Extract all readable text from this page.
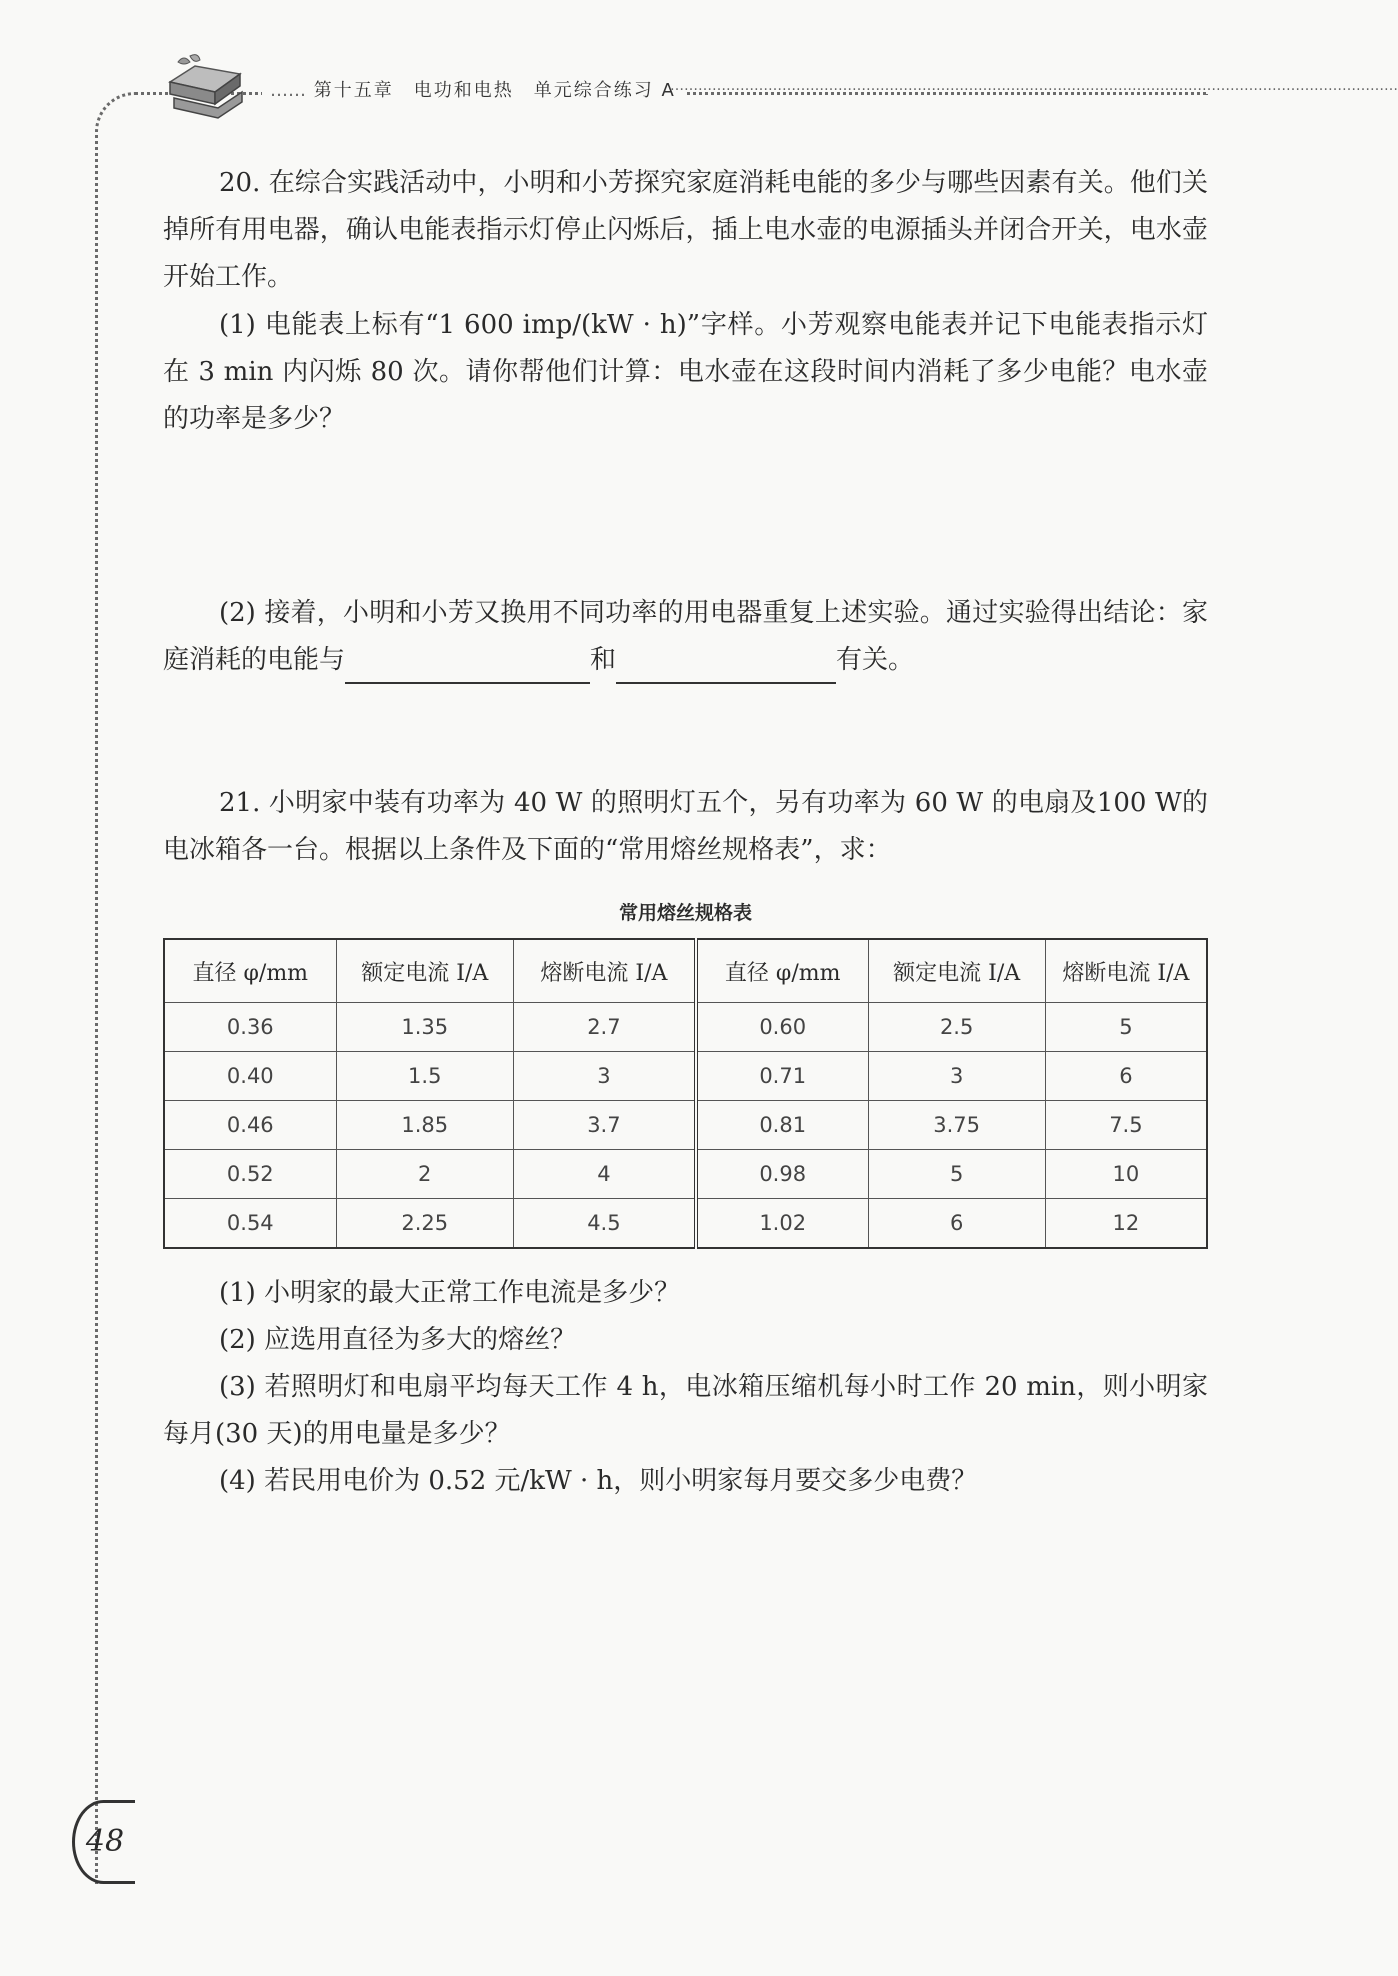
…… 第十五章　电功和电热　单元综合练习 A
…………………………………………………………………………………………………………………………………………

20. 在综合实践活动中，小明和小芳探究家庭消耗电能的多少与哪些因素有关。他们关掉所有用电器，确认电能表指示灯停止闪烁后，插上电水壶的电源插头并闭合开关，电水壶开始工作。

(1) 电能表上标有“1 600 imp/(kW · h)”字样。小芳观察电能表并记下电能表指示灯在 3 min 内闪烁 80 次。请你帮他们计算：电水壶在这段时间内消耗了多少电能？电水壶的功率是多少？

(2) 接着，小明和小芳又换用不同功率的用电器重复上述实验。通过实验得出结论：家庭消耗的电能与	和	有关。

21. 小明家中装有功率为 40 W 的照明灯五个，另有功率为 60 W 的电扇及100 W的电冰箱各一台。根据以上条件及下面的“常用熔丝规格表”，求：

常用熔丝规格表
直径 φ/mm	额定电流 I/A	熔断电流 I/A	直径 φ/mm	额定电流 I/A	熔断电流 I/A
0.36	1.35	2.7	0.60	2.5	5
0.40	1.5	3	0.71	3	6
0.46	1.85	3.7	0.81	3.75	7.5
0.52	2	4	0.98	5	10
0.54	2.25	4.5	1.02	6	12

(1) 小明家的最大正常工作电流是多少？

(2) 应选用直径为多大的熔丝？

(3) 若照明灯和电扇平均每天工作 4 h，电冰箱压缩机每小时工作 20 min，则小明家每月(30 天)的用电量是多少？

(4) 若民用电价为 0.52 元/kW · h，则小明家每月要交多少电费？

48
